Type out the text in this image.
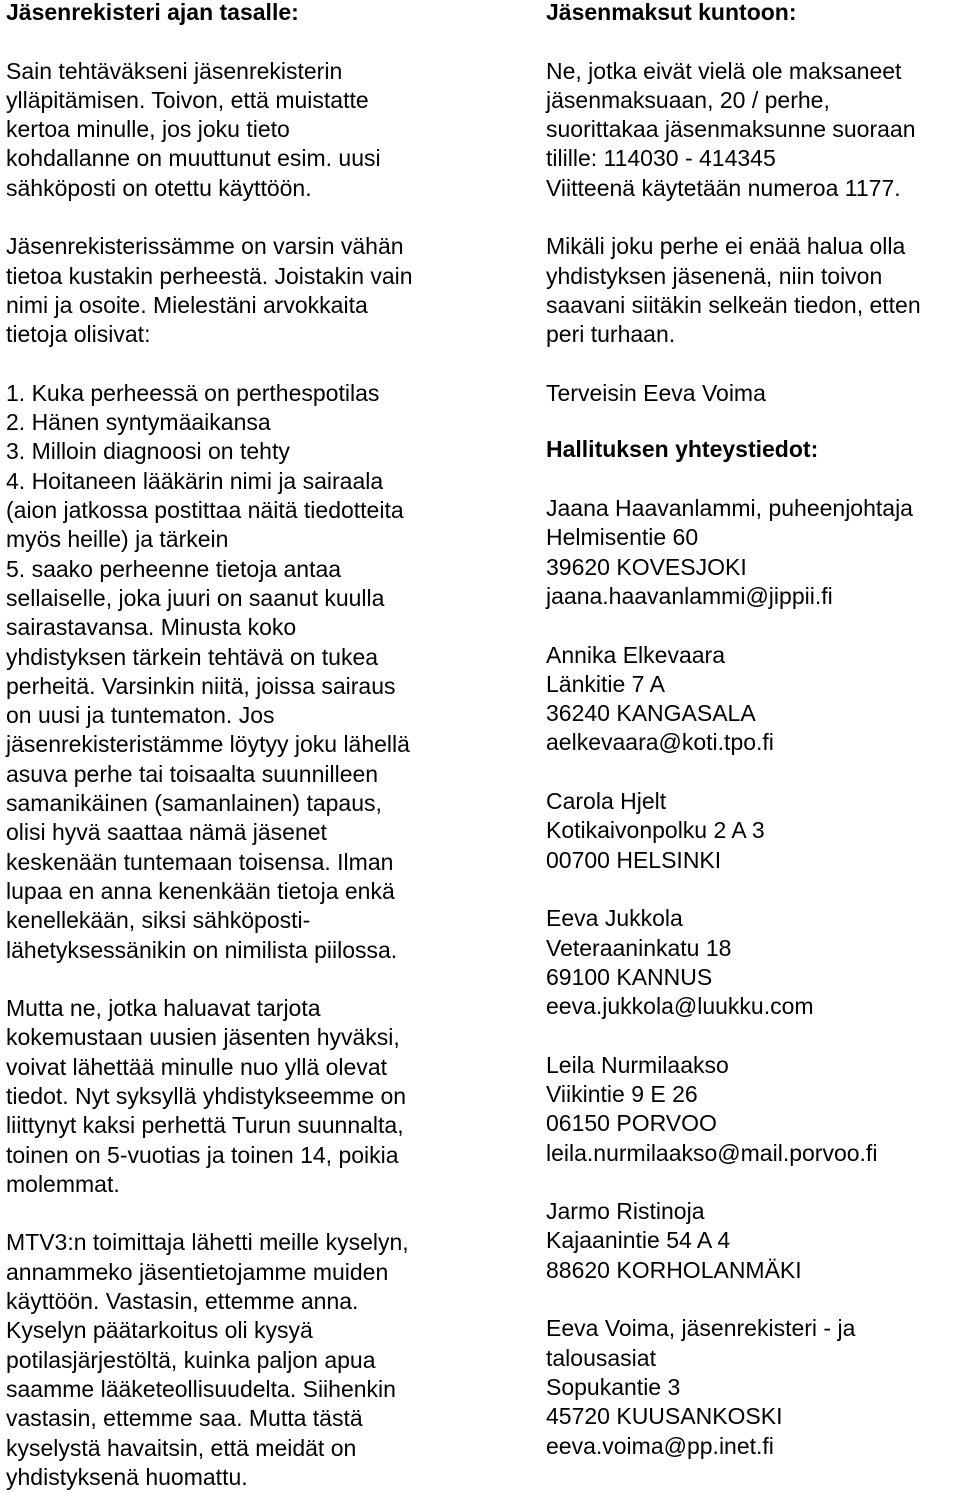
Jäsenrekisteri ajan tasalle:
Sain tehtäväkseni jäsenrekisterin
ylläpitämisen. Toivon, että muistatte
kertoa minulle, jos joku tieto
kohdallanne on muuttunut esim. uusi
sähköposti on otettu käyttöön.
Jäsenrekisterissämme on varsin vähän
tietoa kustakin perheestä. Joistakin vain
nimi ja osoite. Mielestäni arvokkaita
tietoja olisivat:
1. Kuka perheessä on perthespotilas
2. Hänen syntymäaikansa
3. Milloin diagnoosi on tehty
4. Hoitaneen lääkärin nimi ja sairaala
(aion jatkossa postittaa näitä tiedotteita
myös heille) ja tärkein
5. saako perheenne tietoja antaa
sellaiselle, joka juuri on saanut kuulla
sairastavansa. Minusta koko
yhdistyksen tärkein tehtävä on tukea
perheitä. Varsinkin niitä, joissa sairaus
on uusi ja tuntematon. Jos
jäsenrekisteristämme löytyy joku lähellä
asuva perhe tai toisaalta suunnilleen
samanikäinen (samanlainen) tapaus,
olisi hyvä saattaa nämä jäsenet
keskenään tuntemaan toisensa. Ilman
lupaa en anna kenenkään tietoja enkä
kenellekään, siksi sähköposti-
lähetyksessänikin on nimilista piilossa.
Mutta ne, jotka haluavat tarjota
kokemustaan uusien jäsenten hyväksi,
voivat lähettää minulle nuo yllä olevat
tiedot. Nyt syksyllä yhdistykseemme on
liittynyt kaksi perhettä Turun suunnalta,
toinen on 5-vuotias ja toinen 14, poikia
molemmat.
MTV3:n toimittaja lähetti meille kyselyn,
annammeko jäsentietojamme muiden
käyttöön. Vastasin, ettemme anna.
Kyselyn päätarkoitus oli kysyä
potilasjärjestöltä, kuinka paljon apua
saamme lääketeollisuudelta. Siihenkin
vastasin, ettemme saa. Mutta tästä
kyselystä havaitsin, että meidät on
yhdistyksenä huomattu.
Jäsenmaksut kuntoon:
Ne, jotka eivät vielä ole maksaneet
jäsenmaksuaan, 20 / perhe,
suorittakaa jäsenmaksunne suoraan
tilille: 114030 - 414345
Viitteenä käytetään numeroa 1177.
Mikäli joku perhe ei enää halua olla
yhdistyksen jäsenenä, niin toivon
saavani siitäkin selkeän tiedon, etten
peri turhaan.
Terveisin Eeva Voima
Hallituksen yhteystiedot:
Jaana Haavanlammi, puheenjohtaja
Helmisentie 60
39620 KOVESJOKI
jaana.haavanlammi@jippii.fi
Annika Elkevaara
Länkitie 7 A
36240 KANGASALA
aelkevaara@koti.tpo.fi
Carola Hjelt
Kotikaivonpolku 2 A 3
00700 HELSINKI
Eeva Jukkola
Veteraaninkatu 18
69100 KANNUS
eeva.jukkola@luukku.com
Leila Nurmilaakso
Viikintie 9 E 26
06150 PORVOO
leila.nurmilaakso@mail.porvoo.fi
Jarmo Ristinoja
Kajaanintie 54 A 4
88620 KORHOLANMÄKI
Eeva Voima, jäsenrekisteri - ja
talousasiat
Sopukantie 3
45720 KUUSANKOSKI
eeva.voima@pp.inet.fi
